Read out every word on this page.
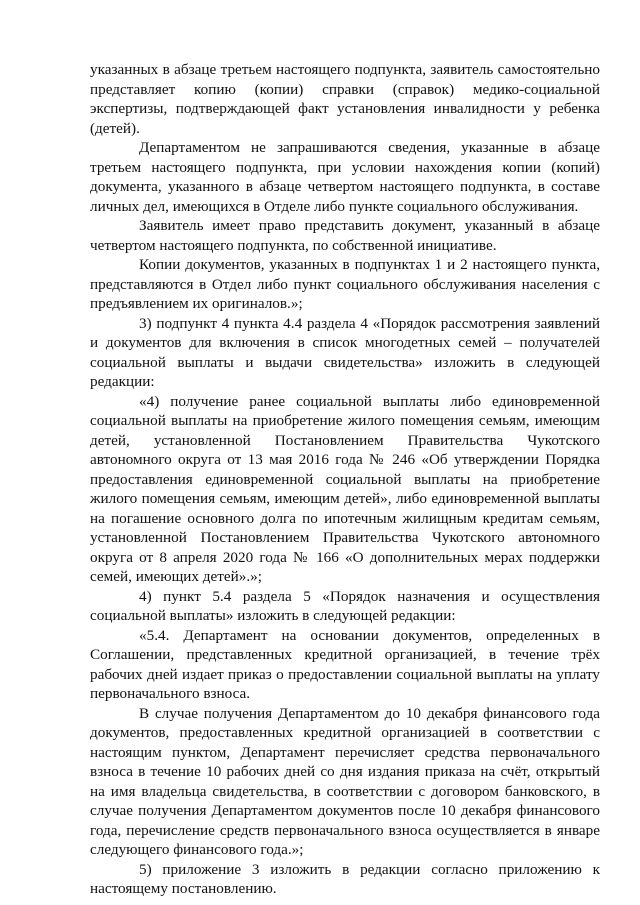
указанных в абзаце третьем настоящего подпункта, заявитель самостоятельно представляет копию (копии) справки (справок) медико-социальной экспертизы, подтверждающей факт установления инвалидности у ребенка (детей).

Департаментом не запрашиваются сведения, указанные в абзаце третьем настоящего подпункта, при условии нахождения копии (копий) документа, указанного в абзаце четвертом настоящего подпункта, в составе личных дел, имеющихся в Отделе либо пункте социального обслуживания.

Заявитель имеет право представить документ, указанный в абзаце четвертом настоящего подпункта, по собственной инициативе.

Копии документов, указанных в подпунктах 1 и 2 настоящего пункта, представляются в Отдел либо пункт социального обслуживания населения с предъявлением их оригиналов.»;

3) подпункт 4 пункта 4.4 раздела 4 «Порядок рассмотрения заявлений и документов для включения в список многодетных семей – получателей социальной выплаты и выдачи свидетельства» изложить в следующей редакции:

«4) получение ранее социальной выплаты либо единовременной социальной выплаты на приобретение жилого помещения семьям, имеющим детей, установленной Постановлением Правительства Чукотского автономного округа от 13 мая 2016 года № 246 «Об утверждении Порядка предоставления единовременной социальной выплаты на приобретение жилого помещения семьям, имеющим детей», либо единовременной выплаты на погашение основного долга по ипотечным жилищным кредитам семьям, установленной Постановлением Правительства Чукотского автономного округа от 8 апреля 2020 года № 166 «О дополнительных мерах поддержки семей, имеющих детей».»;

4) пункт 5.4 раздела 5 «Порядок назначения и осуществления социальной выплаты» изложить в следующей редакции:

«5.4. Департамент на основании документов, определенных в Соглашении, представленных кредитной организацией, в течение трёх рабочих дней издает приказ о предоставлении социальной выплаты на уплату первоначального взноса.

В случае получения Департаментом до 10 декабря финансового года документов, предоставленных кредитной организацией в соответствии с настоящим пунктом, Департамент перечисляет средства первоначального взноса в течение 10 рабочих дней со дня издания приказа на счёт, открытый на имя владельца свидетельства, в соответствии с договором банковского, в случае получения Департаментом документов после 10 декабря финансового года, перечисление средств первоначального взноса осуществляется в январе следующего финансового года.»;

5) приложение 3 изложить в редакции согласно приложению к настоящему постановлению.
